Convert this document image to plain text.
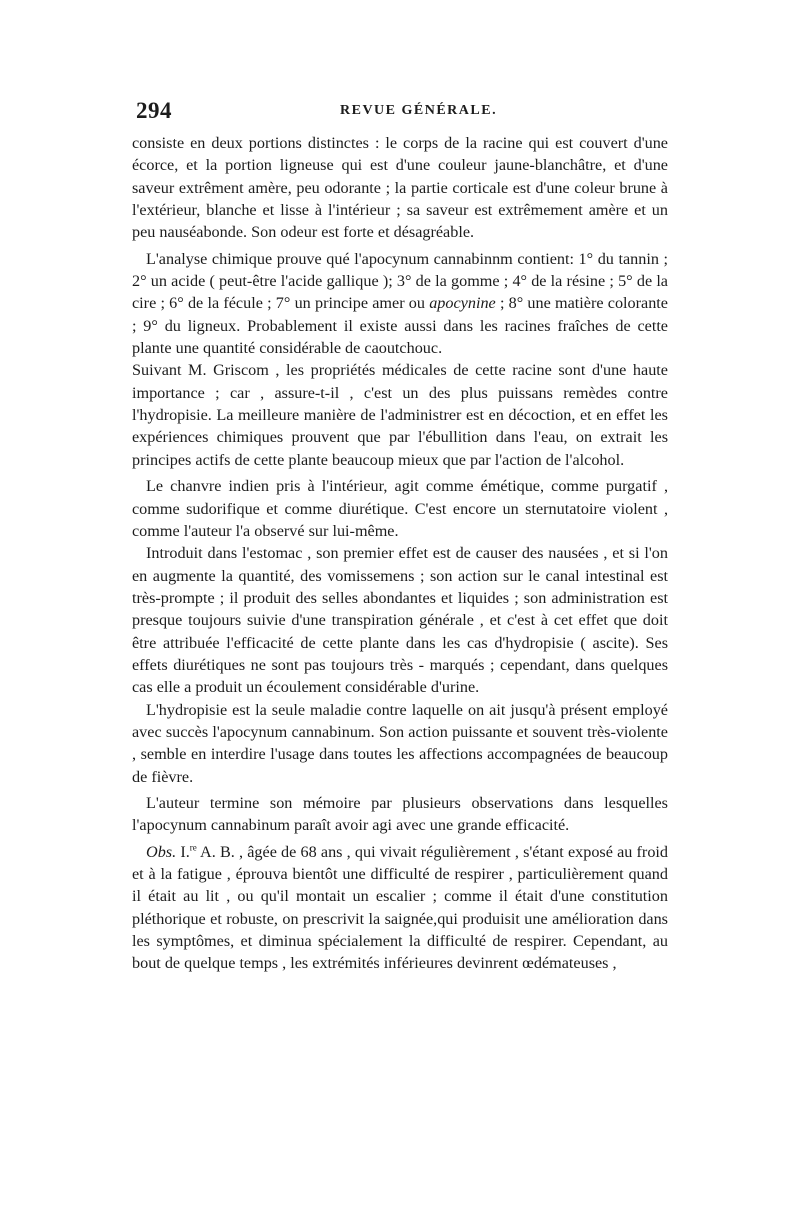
294	REVUE GÉNÉRALE.

consiste en deux portions distinctes : le corps de la racine qui est couvert d'une écorce, et la portion ligneuse qui est d'une couleur jaune-blanchâtre, et d'une saveur extrêment amère, peu odorante ; la partie corticale est d'une coleur brune à l'extérieur, blanche et lisse à l'intérieur ; sa saveur est extrêmement amère et un peu nauséabonde. Son odeur est forte et désagréable.

L'analyse chimique prouve qué l'apocynum cannabinnm contient: 1° du tannin ; 2° un acide ( peut-être l'acide gallique ); 3° de la gomme ; 4° de la résine ; 5° de la cire ; 6° de la fécule ; 7° un principe amer ou apocynine ; 8° une matière colorante ; 9° du ligneux. Probablement il existe aussi dans les racines fraîches de cette plante une quantité considérable de caoutchouc.

Suivant M. Griscom , les propriétés médicales de cette racine sont d'une haute importance ; car , assure-t-il , c'est un des plus puissans remèdes contre l'hydropisie. La meilleure manière de l'administrer est en décoction, et en effet les expériences chimiques prouvent que par l'ébullition dans l'eau, on extrait les principes actifs de cette plante beaucoup mieux que par l'action de l'alcohol.

Le chanvre indien pris à l'intérieur, agit comme émétique, comme purgatif , comme sudorifique et comme diurétique. C'est encore un sternutatoire violent , comme l'auteur l'a observé sur lui-même.

Introduit dans l'estomac , son premier effet est de causer des nausées , et si l'on en augmente la quantité, des vomissemens ; son action sur le canal intestinal est très-prompte ; il produit des selles abondantes et liquides ; son administration est presque toujours suivie d'une transpiration générale , et c'est à cet effet que doit être attribuée l'efficacité de cette plante dans les cas d'hydropisie ( ascite). Ses effets diurétiques ne sont pas toujours très - marqués ; cependant, dans quelques cas elle a produit un écoulement considérable d'urine.

L'hydropisie est la seule maladie contre laquelle on ait jusqu'à présent employé avec succès l'apocynum cannabinum. Son action puissante et souvent très-violente , semble en interdire l'usage dans toutes les affections accompagnées de beaucoup de fièvre.

L'auteur termine son mémoire par plusieurs observations dans lesquelles l'apocynum cannabinum paraît avoir agi avec une grande efficacité.

Obs. I.$^{re}$ A. B. , âgée de 68 ans , qui vivait régulièrement , s'étant exposé au froid et à la fatigue , éprouva bientôt une difficulté de respirer , particulièrement quand il était au lit , ou qu'il montait un escalier ; comme il était d'une constitution pléthorique et robuste, on prescrivit la saignée,qui produisit une amélioration dans les symptômes, et diminua spécialement la difficulté de respirer. Cependant, au bout de quelque temps , les extrémités inférieures devinrent œdémateuses ,
